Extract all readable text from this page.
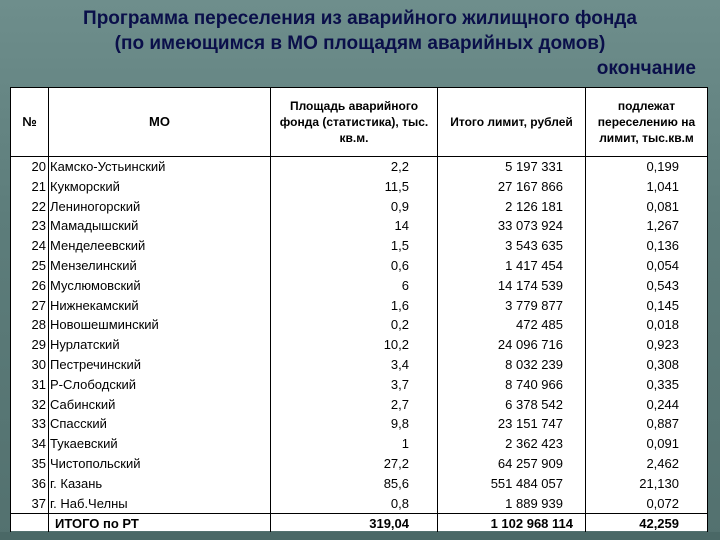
Программа переселения из аварийного жилищного фонда
(по имеющимся в МО площадям аварийных домов)
окончание
№	МО	Площадь аварийного фонда (статистика), тыс. кв.м.	Итого лимит, рублей	подлежат переселению на лимит, тыс.кв.м
20	Камско-Устьинский	2,2	5 197 331	0,199
21	Кукморский	11,5	27 167 866	1,041
22	Лениногорский	0,9	2 126 181	0,081
23	Мамадышский	14	33 073 924	1,267
24	Менделеевский	1,5	3 543 635	0,136
25	Мензелинский	0,6	1 417 454	0,054
26	Муслюмовский	6	14 174 539	0,543
27	Нижнекамский	1,6	3 779 877	0,145
28	Новошешминский	0,2	472 485	0,018
29	Нурлатский	10,2	24 096 716	0,923
30	Пестречинский	3,4	8 032 239	0,308
31	Р-Слободский	3,7	8 740 966	0,335
32	Сабинский	2,7	6 378 542	0,244
33	Спасский	9,8	23 151 747	0,887
34	Тукаевский	1	2 362 423	0,091
35	Чистопольский	27,2	64 257 909	2,462
36	г. Казань	85,6	551 484 057	21,130
37	г. Наб.Челны	0,8	1 889 939	0,072
	ИТОГО по РТ	319,04	1 102 968 114	42,259
